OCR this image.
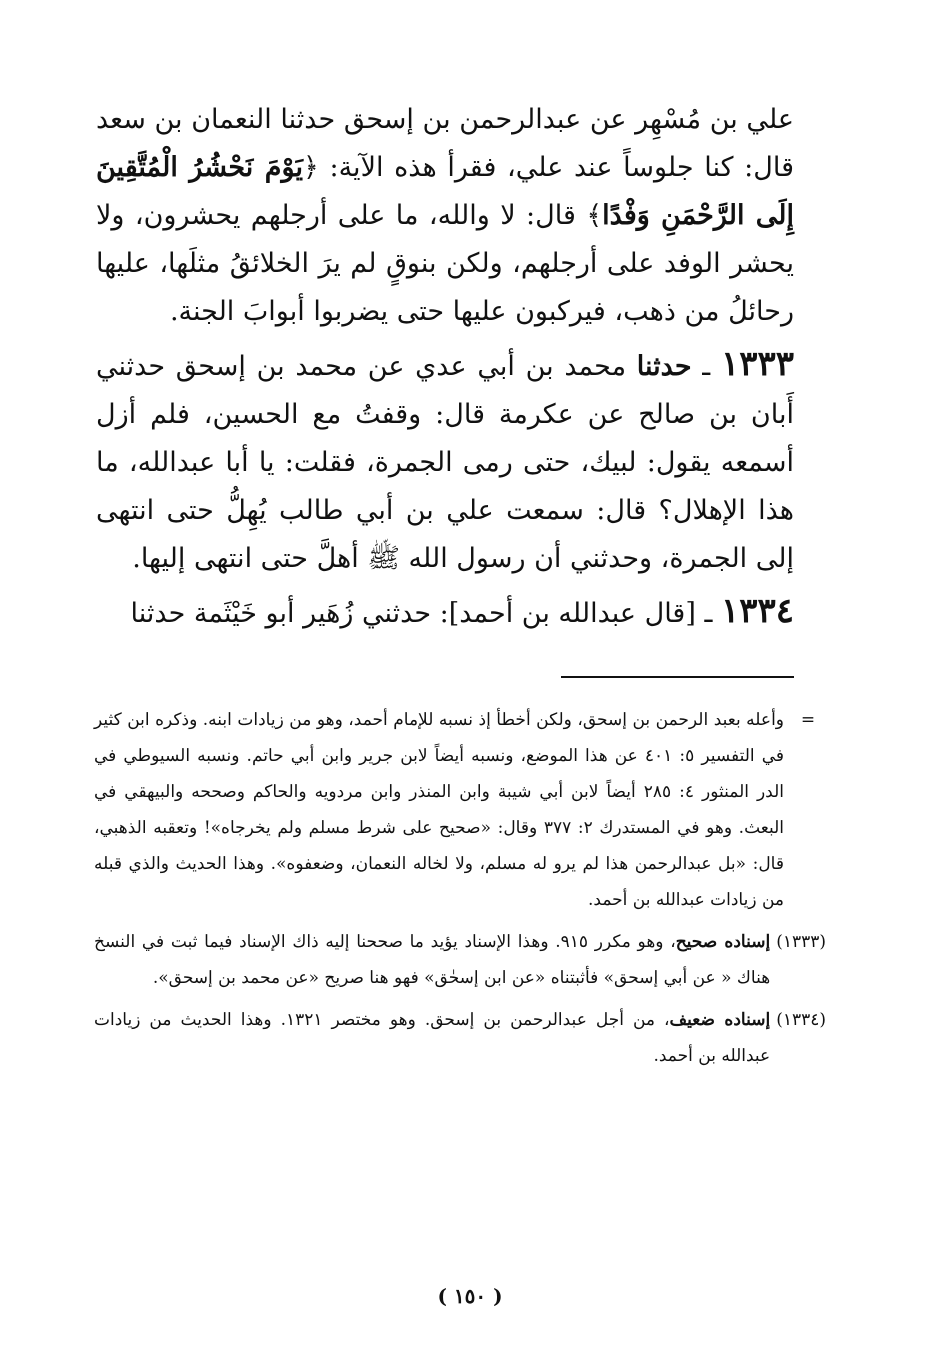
علي بن مُسْهِر عن عبدالرحمن بن إسحق حدثنا النعمان بن سعد قال: كنا جلوساً عند علي، فقرأ هذه الآية: ﴿يَوْمَ نَحْشُرُ الْمُتَّقِينَ إِلَى الرَّحْمَنِ وَفْدًا﴾ قال: لا والله، ما على أرجلهم يحشرون، ولا يحشر الوفد على أرجلهم، ولكن بنوقٍ لم يرَ الخلائقُ مثلَها، عليها رحائلُ من ذهب، فيركبون عليها حتى يضربوا أبوابَ الجنة.

١٣٣٣ ـ حدثنا محمد بن أبي عدي عن محمد بن إسحق حدثني أَبان بن صالح عن عكرمة قال: وقفتُ مع الحسين، فلم أزل أسمعه يقول: لبيك، حتى رمى الجمرة، فقلت: يا أبا عبدالله، ما هذا الإهلال؟ قال: سمعت علي بن أبي طالب يُهِلُّ حتى انتهى إلى الجمرة، وحدثني أن رسول الله ﷺ أهلَّ حتى انتهى إليها.

١٣٣٤ ـ [قال عبدالله بن أحمد]: حدثني زُهَير أبو خَيْثَمة حدثنا

=
وأعله بعبد الرحمن بن إسحق، ولكن أخطأ إذ نسبه للإمام أحمد، وهو من زيادات ابنه. وذكره ابن كثير في التفسير ٥: ٤٠١ عن هذا الموضع، ونسبه أيضاً لابن جرير وابن أبي حاتم. ونسبه السيوطي في الدر المنثور ٤: ٢٨٥ أيضاً لابن أبي شيبة وابن المنذر وابن مردويه والحاكم وصححه والبيهقي في البعث. وهو في المستدرك ٢: ٣٧٧ وقال: «صحيح على شرط مسلم ولم يخرجاه»! وتعقبه الذهبي، قال: «بل عبدالرحمن هذا لم يرو له مسلم، ولا لخاله النعمان، وضعفوه». وهذا الحديث والذي قبله من زيادات عبدالله بن أحمد.
(١٣٣٣)
إسناده صحيح، وهو مكرر ٩١٥. وهذا الإسناد يؤيد ما صححنا إليه ذاك الإسناد فيما ثبت في النسخ هناك « عن أبي إسحق» فأثبتناه «عن ابن إسحٰق» فهو هنا صريح «عن محمد بن إسحق».
(١٣٣٤)
إسناده ضعيف، من أجل عبدالرحمن بن إسحق. وهو مختصر ١٣٢١. وهذا الحديث من زيادات عبدالله بن أحمد.
( ١٥٠ )
